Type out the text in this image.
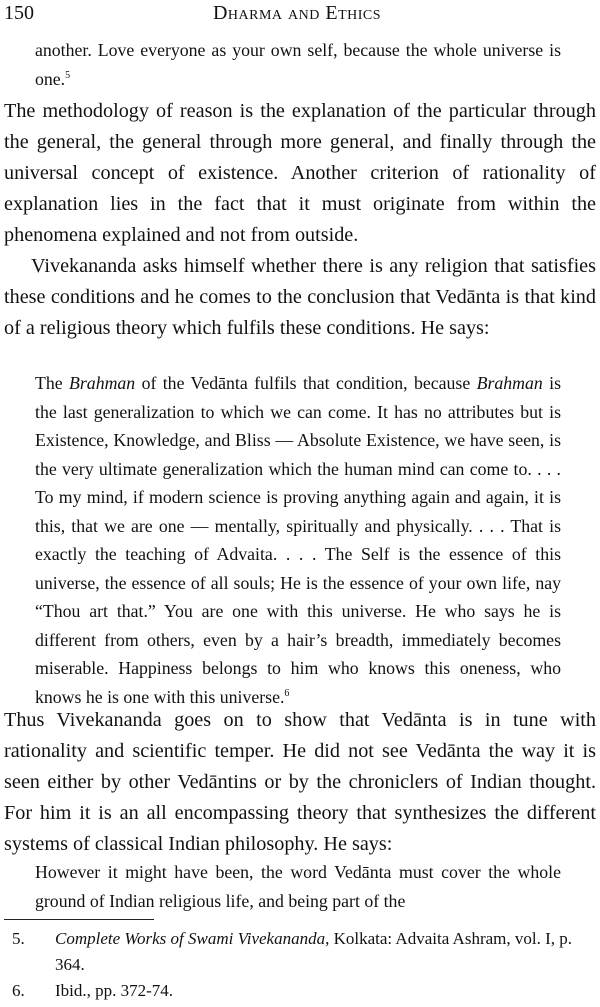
150	Dharma and Ethics

another. Love everyone as your own self, because the whole universe is one.$^5$

The methodology of reason is the explanation of the particular through the general, the general through more general, and finally through the universal concept of existence. Another criterion of rationality of explanation lies in the fact that it must originate from within the phenomena explained and not from outside.

Vivekananda asks himself whether there is any religion that satisfies these conditions and he comes to the conclusion that Vedānta is that kind of a religious theory which fulfils these conditions. He says:

The Brahman of the Vedānta fulfils that condition, because Brahman is the last generalization to which we can come. It has no attributes but is Existence, Knowledge, and Bliss — Absolute Existence, we have seen, is the very ultimate generalization which the human mind can come to. . . . To my mind, if modern science is proving anything again and again, it is this, that we are one — mentally, spiritually and physically. . . . That is exactly the teaching of Advaita. . . . The Self is the essence of this universe, the essence of all souls; He is the essence of your own life, nay “Thou art that.” You are one with this universe. He who says he is different from others, even by a hair’s breadth, immediately becomes miserable. Happiness belongs to him who knows this oneness, who knows he is one with this universe.$^6$

Thus Vivekananda goes on to show that Vedānta is in tune with rationality and scientific temper. He did not see Vedānta the way it is seen either by other Vedāntins or by the chroniclers of Indian thought. For him it is an all encompassing theory that synthesizes the different systems of classical Indian philosophy. He says:

However it might have been, the word Vedānta must cover the whole ground of Indian religious life, and being part of the

5.	Complete Works of Swami Vivekananda, Kolkata: Advaita Ashram, vol. I, p. 364.
6.	Ibid., pp. 372-74.
